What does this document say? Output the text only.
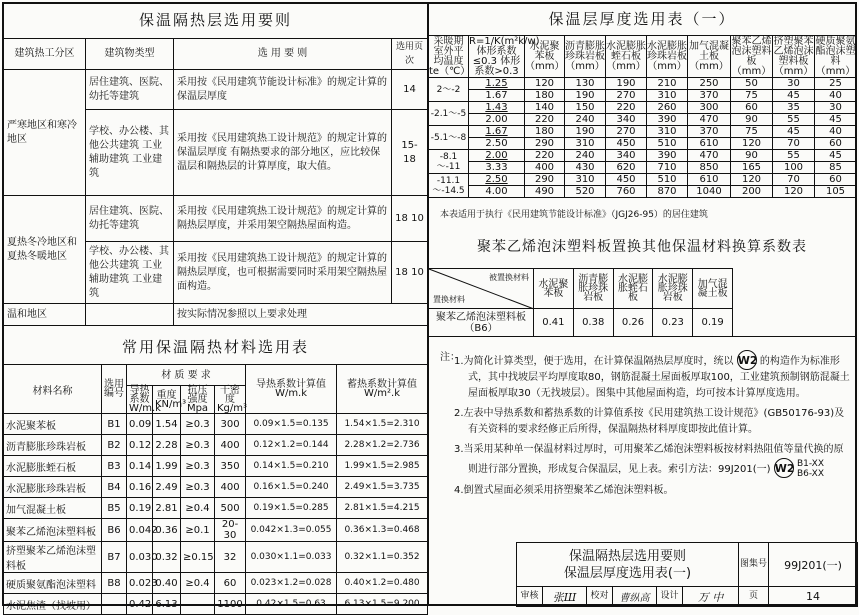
保温隔热层选用要则
建筑热工分区	建筑物类型	选 用 要 则	选用页次
严寒地区和寒冷地区	居住建筑、医院、幼托等建筑	采用按《民用建筑节能设计标准》的规定计算的保温层厚度	14
	学校、办公楼、其他公共建筑 工业辅助建筑 工业建筑	采用按《民用建筑热工设计规范》的规定计算的保温层厚度 有隔热要求的部分地区，应比较保温层和隔热层的计算厚度，取大值。	15-18
夏热冬冷地区和夏热冬暖地区	居住建筑、医院、幼托等建筑	采用按《民用建筑热工设计规范》的规定计算的隔热层厚度，并采用架空隔热屋面构造。	18 10
	学校、办公楼、其他公共建筑 工业辅助建筑 工业建筑	采用按《民用建筑热工设计规范》的规定计算的隔热层厚度，也可根据需要同时采用架空隔热屋面构造。	18 10
温和地区		按实际情况参照以上要求处理	
常用保温隔热材料选用表
材料名称	选用编号	材 质 要 求				导热系数计算值 W/m.k	蓄热系数计算值 W/m².k
		导热系数W/m.k	重度KN/m³	抗压强度Mpa	干密度Kg/m³		
水泥聚苯板	B1	0.09	1.54	≥0.3	300	0.09×1.5=0.135	1.54×1.5=2.310
沥青膨胀珍珠岩板	B2	0.12	2.28	≥0.3	400	0.12×1.2=0.144	2.28×1.2=2.736
水泥膨胀蛭石板	B3	0.14	1.99	≥0.3	350	0.14×1.5=0.210	1.99×1.5=2.985
水泥膨胀珍珠岩板	B4	0.16	2.49	≥0.3	400	0.16×1.5=0.240	2.49×1.5=3.735
加气混凝土板	B5	0.19	2.81	≥0.4	500	0.19×1.5=0.285	2.81×1.5=4.215
聚苯乙烯泡沫塑料板	B6	0.042	0.36	≥0.1	20-30	0.042×1.3=0.055	0.36×1.3=0.468
挤塑聚苯乙烯泡沫塑料板	B7	0.030	0.32	≥0.15	32	0.030×1.1=0.033	0.32×1.1=0.352
硬质聚氨酯泡沫塑料	B8	0.023	0.40	≥0.4	60	0.023×1.2=0.028	0.40×1.2=0.480
水泥焦渣（找坡用）		0.42	6.13		1100	0.42×1.5=0.63	6.13×1.5=9.200
保温层厚度选用表（一）
采暖期室外平均温度te（℃）	R=1/K(m²k/w) 体形系数≤0.3 体形系数>0.3	水泥聚苯板（mm）	沥青膨胀珍珠岩板（mm）	水泥膨胀蛭石板（mm）	水泥膨胀珍珠岩板（mm）	加气混凝土板（mm）	聚苯乙烯泡沫塑料板（mm）	挤塑聚苯乙烯泡沫塑料板（mm）	硬质聚氨酯泡沫塑料（mm）
2～-2	1.25	120	130	190	210	250	50	30	25
	1.67	180	190	270	310	370	75	45	40
-2.1～-5	1.43	140	150	220	260	300	60	35	30
	2.00	220	240	340	390	470	90	55	45
-5.1～-8	1.67	180	190	270	310	370	75	45	40
	2.50	290	310	450	510	610	120	70	60
-8.1～-11	2.00	220	240	340	390	470	90	55	45
	3.33	400	430	620	710	850	165	100	85
-11.1～-14.5	2.50	290	310	450	510	610	120	70	60
	4.00	490	520	760	870	1040	200	120	105
本表适用于执行《民用建筑节能设计标准》（JGJ26-95）的居住建筑
聚苯乙烯泡沫塑料板置换其他保温材料换算系数表
被置换材料
置换材料	水泥聚苯板	沥青膨胀珍珠岩板	水泥膨胀蛭石板	水泥膨胀珍珠岩板	加气混凝土板
聚苯乙烯泡沫塑料板（B6）	0.41	0.38	0.26	0.23	0.19
注：

1.为简化计算类型，便于选用，在计算保温隔热层厚度时，统以 W2 的构造作为标准形式，其中找坡层平均厚度取80，钢筋混凝土屋面板厚取100，工业建筑预制钢筋混凝土屋面板厚取30（无找坡层）。图集中其他屋面构造，均可按本计算厚度选用。

2.左表中导热系数和蓄热系数的计算值系按《民用建筑热工设计规范》(GB50176-93)及有关资料的要求经修正后所得，保温隔热材料厚度即按此值计算。

3.当采用某种单一保温材料过厚时，可用聚苯乙烯泡沫塑料板按材料热阻值等量代换的原则进行部分置换，形成复合保温层，见上表。索引方法：99J201(一) W2 B1-XX
B6-XX

4.倒置式屋面必须采用挤塑聚苯乙烯泡沫塑料板。

保温隔热层选用要则
保温层厚度选用表(一)						图集号	99J201(一)
审核	张Ш	校对	曹纵高	设计	万 中	页	14
